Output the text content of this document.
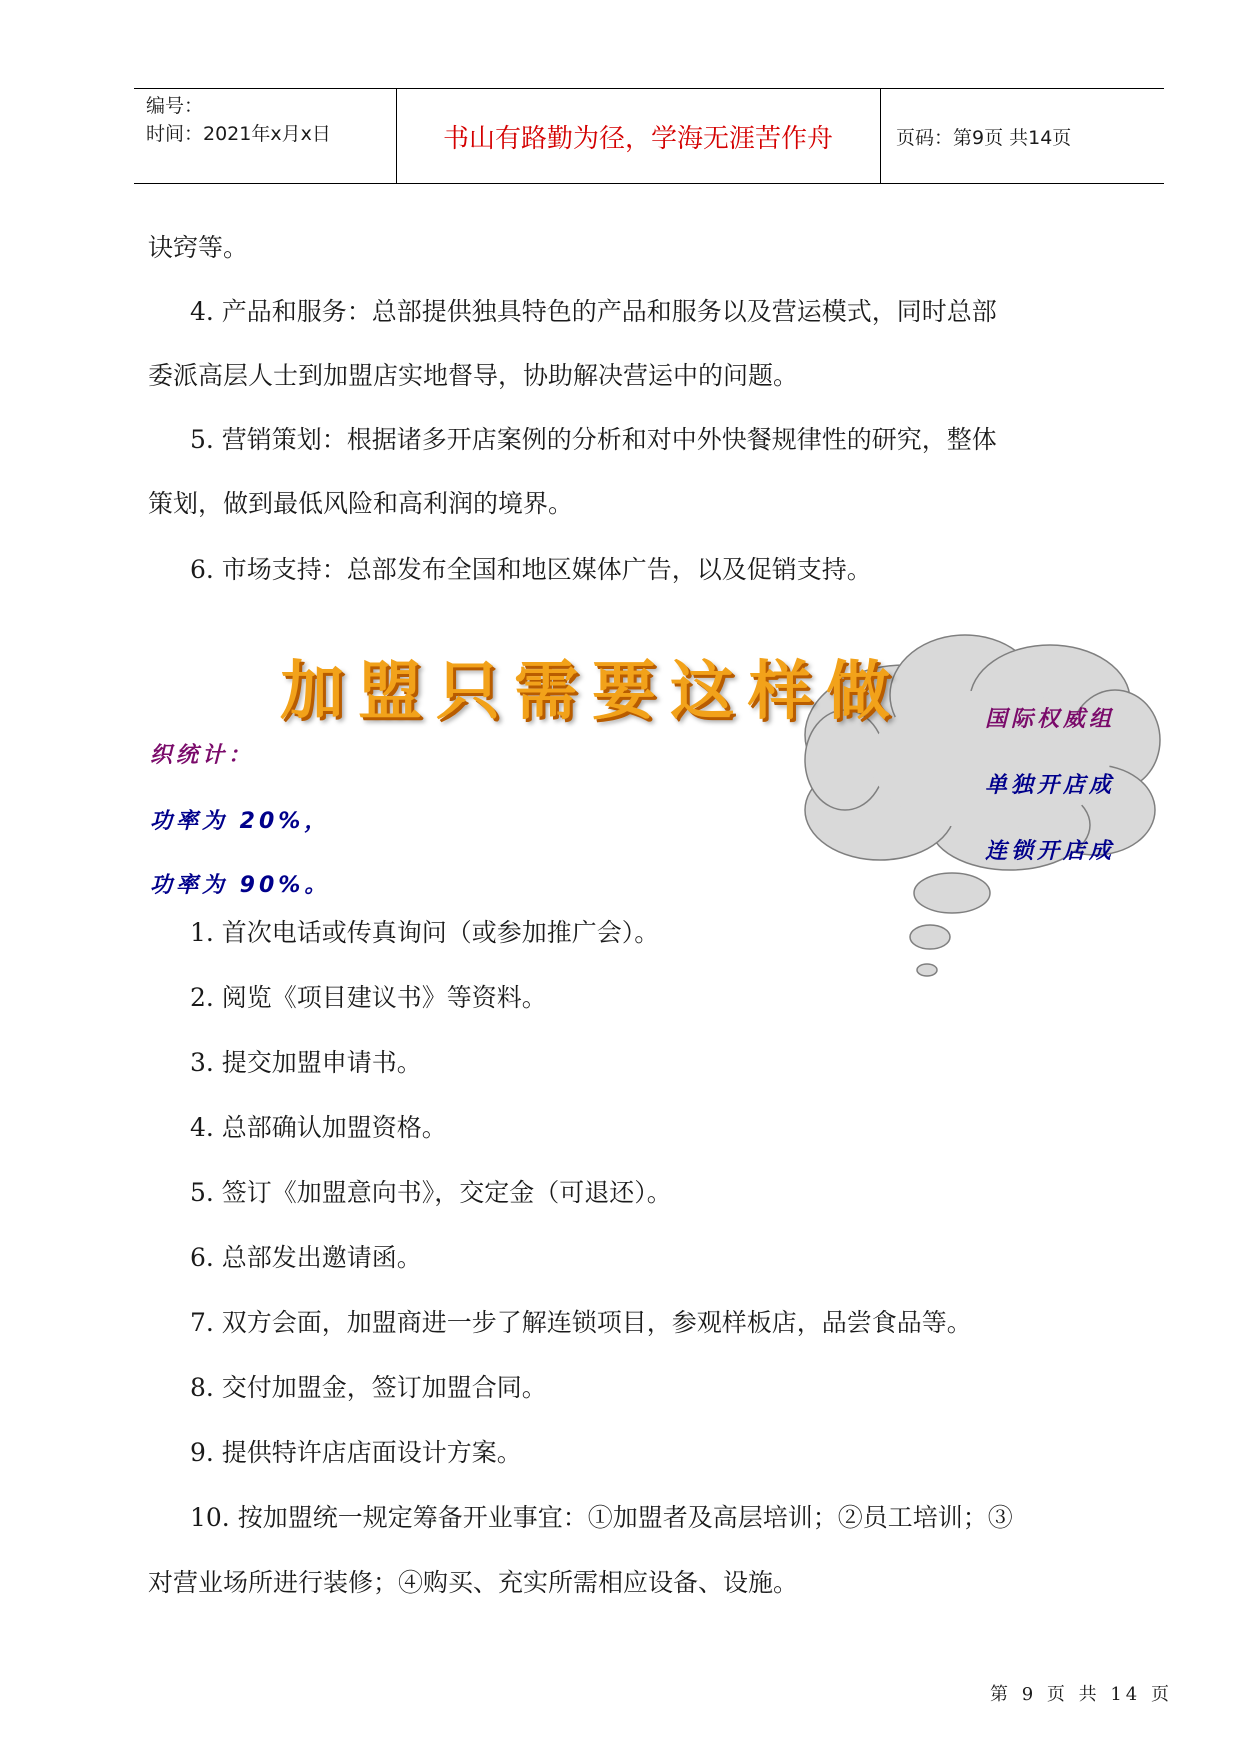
编号：
时间：2021年x月x日	书山有路勤为径，学海无涯苦作舟	页码：第9页 共14页
诀窍等。
4. 产品和服务：总部提供独具特色的产品和服务以及营运模式，同时总部
委派高层人士到加盟店实地督导，协助解决营运中的问题。
5. 营销策划：根据诸多开店案例的分析和对中外快餐规律性的研究，整体
策划，做到最低风险和高利润的境界。
6. 市场支持：总部发布全国和地区媒体广告，以及促销支持。
加盟只需要这样做
织统计：
功率为 20%，
功率为 90%。
国际权威组
单独开店成
连锁开店成
1. 首次电话或传真询问（或参加推广会）。
2. 阅览《项目建议书》等资料。
3. 提交加盟申请书。
4. 总部确认加盟资格。
5. 签订《加盟意向书》，交定金（可退还）。
6. 总部发出邀请函。
7. 双方会面，加盟商进一步了解连锁项目，参观样板店，品尝食品等。
8. 交付加盟金，签订加盟合同。
9. 提供特许店店面设计方案。
10. 按加盟统一规定筹备开业事宜：①加盟者及高层培训；②员工培训；③
对营业场所进行装修；④购买、充实所需相应设备、设施。
第 9 页 共 14 页
